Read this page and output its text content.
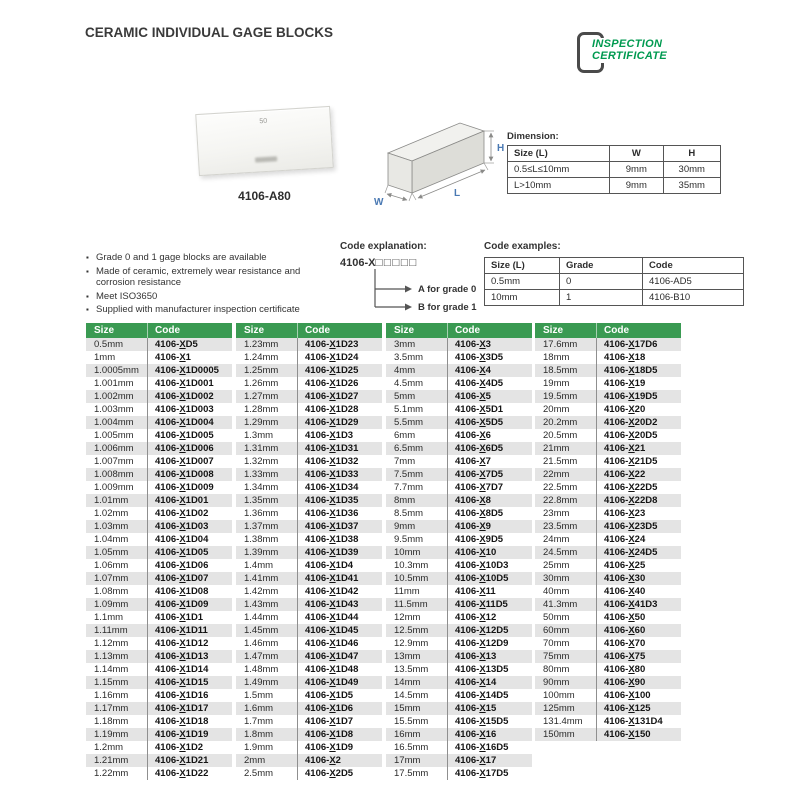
CERAMIC INDIVIDUAL GAGE BLOCKS
INSPECTION
CERTIFICATE
50
4106-A80
H
L
W
Dimension:
Size (L)	W	H
0.5≤L≤10mm	9mm	30mm
L>10mm	9mm	35mm
▪ Grade 0 and 1 gage blocks are available
▪ Made of ceramic, extremely wear resistance and corrosion resistance
▪ Meet ISO3650
▪ Supplied with manufacturer inspection certificate
Code explanation:
4106-X□□□□□
A for grade 0
B for grade 1
Code examples:
Size (L)	Grade	Code
0.5mm	0	4106-AD5
10mm	1	4106-B10
Size	Code
0.5mm	4106-XD5
1mm	4106-X1
1.0005mm	4106-X1D0005
1.001mm	4106-X1D001
1.002mm	4106-X1D002
1.003mm	4106-X1D003
1.004mm	4106-X1D004
1.005mm	4106-X1D005
1.006mm	4106-X1D006
1.007mm	4106-X1D007
1.008mm	4106-X1D008
1.009mm	4106-X1D009
1.01mm	4106-X1D01
1.02mm	4106-X1D02
1.03mm	4106-X1D03
1.04mm	4106-X1D04
1.05mm	4106-X1D05
1.06mm	4106-X1D06
1.07mm	4106-X1D07
1.08mm	4106-X1D08
1.09mm	4106-X1D09
1.1mm	4106-X1D1
1.11mm	4106-X1D11
1.12mm	4106-X1D12
1.13mm	4106-X1D13
1.14mm	4106-X1D14
1.15mm	4106-X1D15
1.16mm	4106-X1D16
1.17mm	4106-X1D17
1.18mm	4106-X1D18
1.19mm	4106-X1D19
1.2mm	4106-X1D2
1.21mm	4106-X1D21
1.22mm	4106-X1D22
Size	Code
1.23mm	4106-X1D23
1.24mm	4106-X1D24
1.25mm	4106-X1D25
1.26mm	4106-X1D26
1.27mm	4106-X1D27
1.28mm	4106-X1D28
1.29mm	4106-X1D29
1.3mm	4106-X1D3
1.31mm	4106-X1D31
1.32mm	4106-X1D32
1.33mm	4106-X1D33
1.34mm	4106-X1D34
1.35mm	4106-X1D35
1.36mm	4106-X1D36
1.37mm	4106-X1D37
1.38mm	4106-X1D38
1.39mm	4106-X1D39
1.4mm	4106-X1D4
1.41mm	4106-X1D41
1.42mm	4106-X1D42
1.43mm	4106-X1D43
1.44mm	4106-X1D44
1.45mm	4106-X1D45
1.46mm	4106-X1D46
1.47mm	4106-X1D47
1.48mm	4106-X1D48
1.49mm	4106-X1D49
1.5mm	4106-X1D5
1.6mm	4106-X1D6
1.7mm	4106-X1D7
1.8mm	4106-X1D8
1.9mm	4106-X1D9
2mm	4106-X2
2.5mm	4106-X2D5
Size	Code
3mm	4106-X3
3.5mm	4106-X3D5
4mm	4106-X4
4.5mm	4106-X4D5
5mm	4106-X5
5.1mm	4106-X5D1
5.5mm	4106-X5D5
6mm	4106-X6
6.5mm	4106-X6D5
7mm	4106-X7
7.5mm	4106-X7D5
7.7mm	4106-X7D7
8mm	4106-X8
8.5mm	4106-X8D5
9mm	4106-X9
9.5mm	4106-X9D5
10mm	4106-X10
10.3mm	4106-X10D3
10.5mm	4106-X10D5
11mm	4106-X11
11.5mm	4106-X11D5
12mm	4106-X12
12.5mm	4106-X12D5
12.9mm	4106-X12D9
13mm	4106-X13
13.5mm	4106-X13D5
14mm	4106-X14
14.5mm	4106-X14D5
15mm	4106-X15
15.5mm	4106-X15D5
16mm	4106-X16
16.5mm	4106-X16D5
17mm	4106-X17
17.5mm	4106-X17D5
Size	Code
17.6mm	4106-X17D6
18mm	4106-X18
18.5mm	4106-X18D5
19mm	4106-X19
19.5mm	4106-X19D5
20mm	4106-X20
20.2mm	4106-X20D2
20.5mm	4106-X20D5
21mm	4106-X21
21.5mm	4106-X21D5
22mm	4106-X22
22.5mm	4106-X22D5
22.8mm	4106-X22D8
23mm	4106-X23
23.5mm	4106-X23D5
24mm	4106-X24
24.5mm	4106-X24D5
25mm	4106-X25
30mm	4106-X30
40mm	4106-X40
41.3mm	4106-X41D3
50mm	4106-X50
60mm	4106-X60
70mm	4106-X70
75mm	4106-X75
80mm	4106-X80
90mm	4106-X90
100mm	4106-X100
125mm	4106-X125
131.4mm	4106-X131D4
150mm	4106-X150
